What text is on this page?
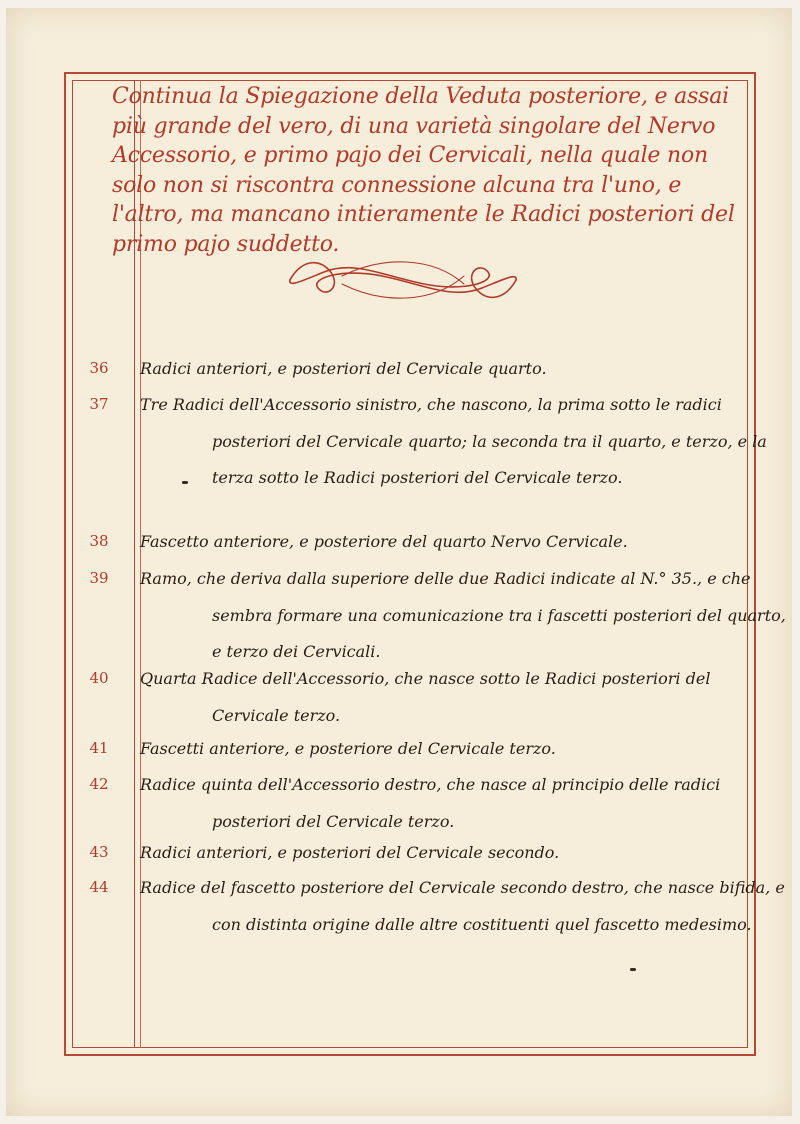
Continua la Spiegazione della Veduta posteriore, e assai più grande del vero, di una varietà singolare del Nervo Accessorio, e primo pajo dei Cervicali, nella quale non solo non si riscontra connessione alcuna tra l'uno, e l'altro, ma mancano intieramente le Radici posteriori del primo pajo suddetto.

36	Radici anteriori, e posteriori del Cervicale quarto.

37	Tre Radici dell'Accessorio sinistro, che nascono, la prima sotto le radici posteriori del Cervicale quarto; la seconda tra il quarto, e terzo, e la terza sotto le Radici posteriori del Cervicale terzo.

38	Fascetto anteriore, e posteriore del quarto Nervo Cervicale.

39	Ramo, che deriva dalla superiore delle due Radici indicate al N.° 35., e che sembra formare una comunicazione tra i fascetti posteriori del quarto, e terzo dei Cervicali.

40	Quarta Radice dell'Accessorio, che nasce sotto le Radici posteriori del Cervicale terzo.

41	Fascetti anteriore, e posteriore del Cervicale terzo.

42	Radice quinta dell'Accessorio destro, che nasce al principio delle radici posteriori del Cervicale terzo.

43	Radici anteriori, e posteriori del Cervicale secondo.

44	Radice del fascetto posteriore del Cervicale secondo destro, che nasce bifida, e con distinta origine dalle altre costituenti quel fascetto medesimo.
